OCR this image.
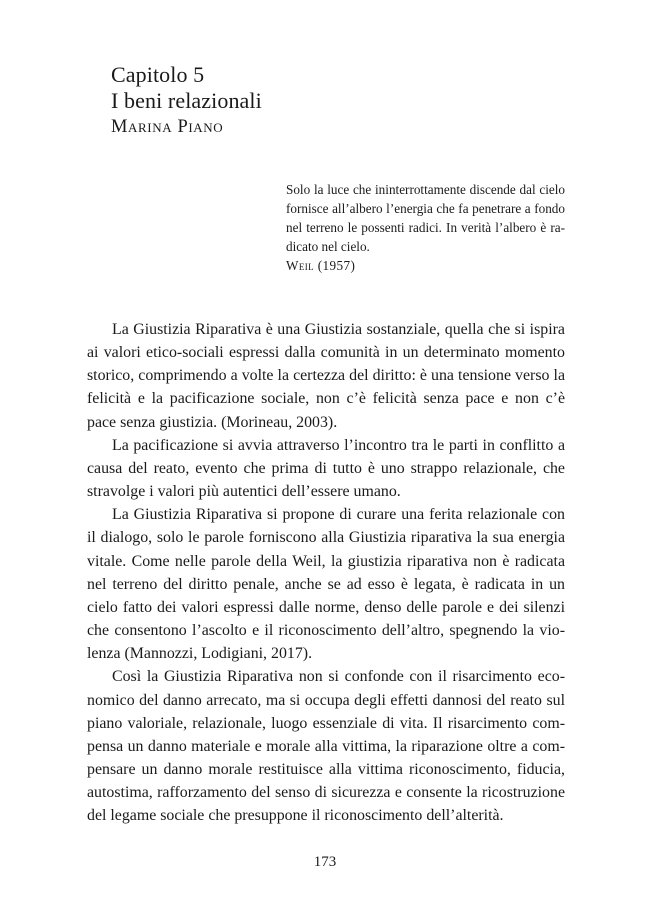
Capitolo 5
I beni relazionali
Marina Piano

Solo la luce che ininterrottamente discende dal cielo fornisce all’albero l’energia che fa penetrare a fondo nel terreno le possenti radici. In verità l’albero è radicato nel cielo.

Weil (1957)

La Giustizia Riparativa è una Giustizia sostanziale, quella che si ispira ai valori etico-sociali espressi dalla comunità in un determinato momento storico, comprimendo a volte la certezza del diritto: è una tensione verso la felicità e la pacificazione sociale, non c’è felicità senza pace e non c’è pace senza giustizia. (Morineau, 2003).

La pacificazione si avvia attraverso l’incontro tra le parti in conflitto a causa del reato, evento che prima di tutto è uno strappo relazionale, che stravolge i valori più autentici dell’essere umano.

La Giustizia Riparativa si propone di curare una ferita relazionale con il dialogo, solo le parole forniscono alla Giustizia riparativa la sua energia vitale. Come nelle parole della Weil, la giustizia riparativa non è radicata nel terreno del diritto penale, anche se ad esso è legata, è radicata in un cielo fatto dei valori espressi dalle norme, denso delle parole e dei silenzi che consentono l’ascolto e il riconoscimento dell’altro, spegnendo la violenza (Mannozzi, Lodigiani, 2017).

Così la Giustizia Riparativa non si confonde con il risarcimento economico del danno arrecato, ma si occupa degli effetti dannosi del reato sul piano valoriale, relazionale, luogo essenziale di vita. Il risarcimento compensa un danno materiale e morale alla vittima, la riparazione oltre a compensare un danno morale restituisce alla vittima riconoscimento, fiducia, autostima, rafforzamento del senso di sicurezza e consente la ricostruzione del legame sociale che presuppone il riconoscimento dell’alterità.

173
